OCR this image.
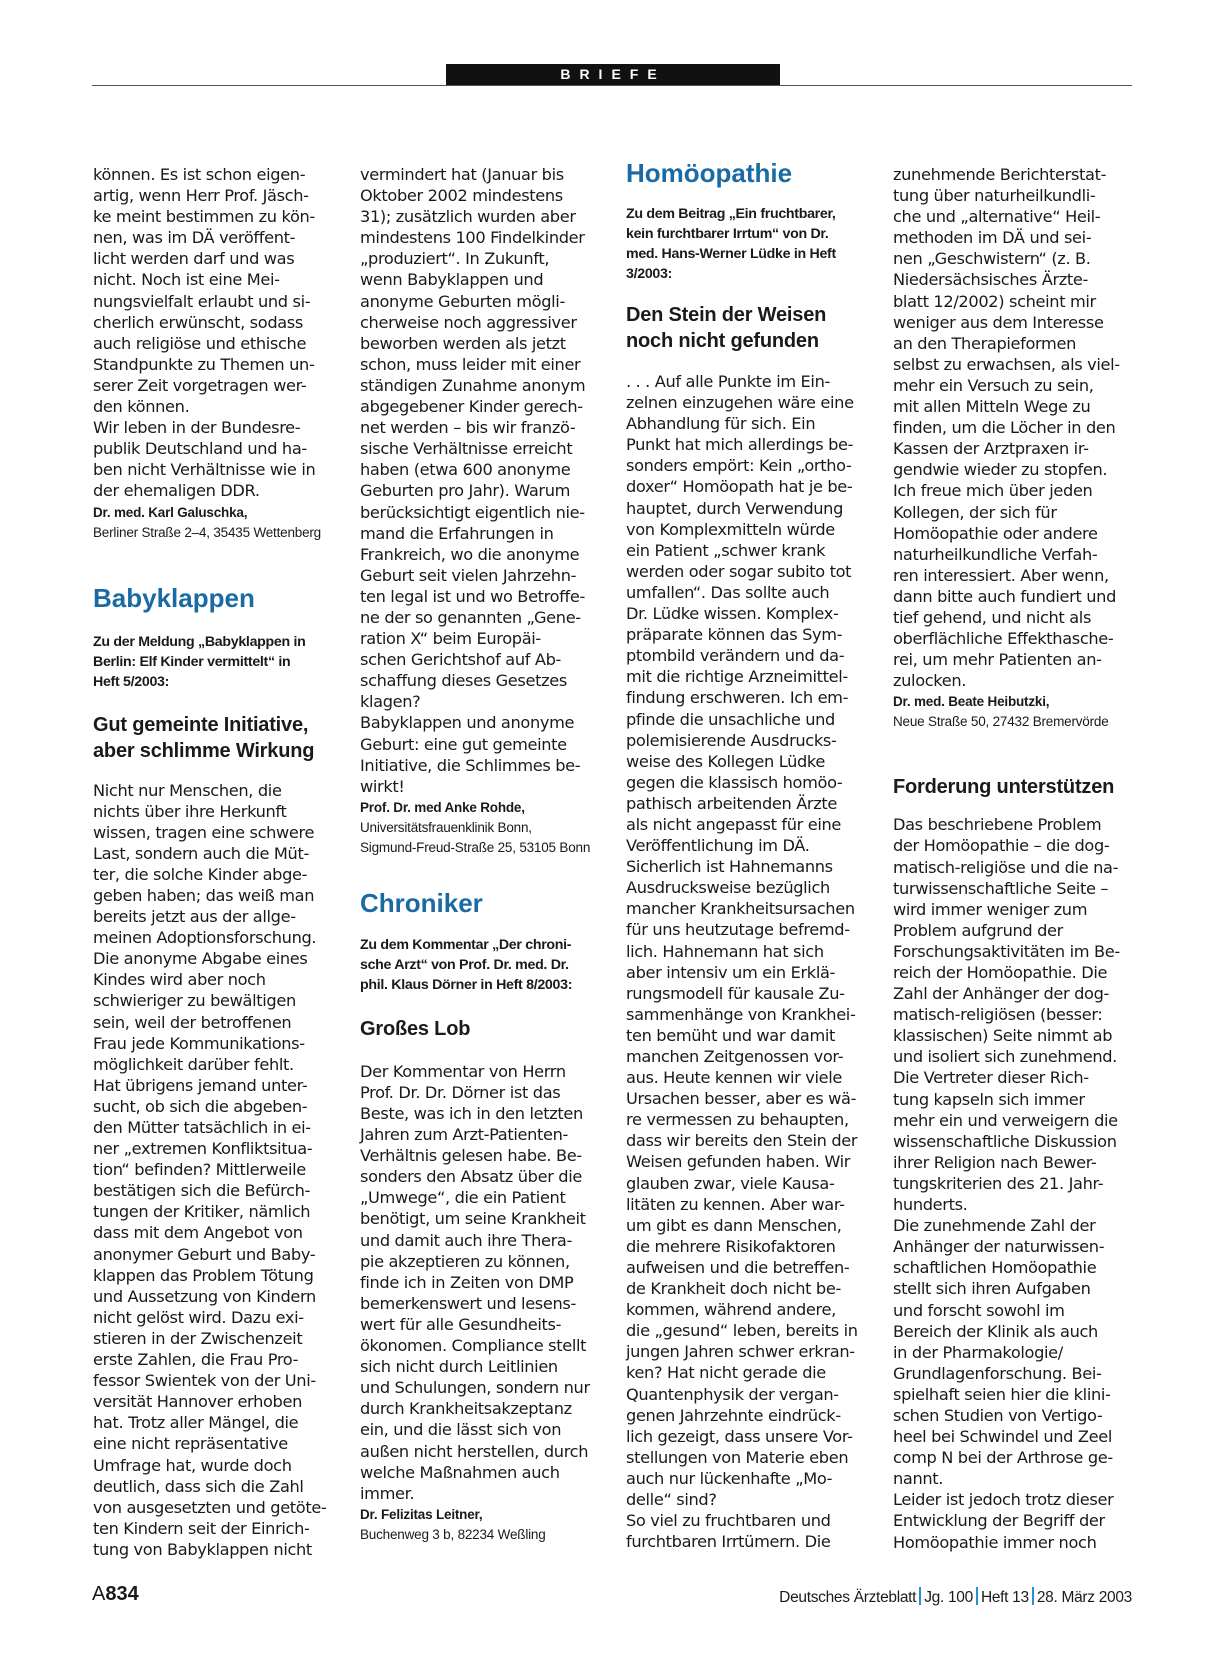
BRIEFE

können. Es ist schon eigen-
artig, wenn Herr Prof. Jäsch-
ke meint bestimmen zu kön-
nen, was im DÄ veröffent-
licht werden darf und was
nicht. Noch ist eine Mei-
nungsvielfalt erlaubt und si-
cherlich erwünscht, sodass
auch religiöse und ethische
Standpunkte zu Themen un-
serer Zeit vorgetragen wer-
den können.
Wir leben in der Bundesre-
publik Deutschland und ha-
ben nicht Verhältnisse wie in
der ehemaligen DDR.

Dr. med. Karl Galuschka,

Berliner Straße 2–4, 35435 Wettenberg

Babyklappen

Zu der Meldung „Babyklappen in
Berlin: Elf Kinder vermittelt“ in
Heft 5/2003:

Gut gemeinte Initiative,
aber schlimme Wirkung

Nicht nur Menschen, die
nichts über ihre Herkunft
wissen, tragen eine schwere
Last, sondern auch die Müt-
ter, die solche Kinder abge-
geben haben; das weiß man
bereits jetzt aus der allge-
meinen Adoptionsforschung.
Die anonyme Abgabe eines
Kindes wird aber noch
schwieriger zu bewältigen
sein, weil der betroffenen
Frau jede Kommunikations-
möglichkeit darüber fehlt.
Hat übrigens jemand unter-
sucht, ob sich die abgeben-
den Mütter tatsächlich in ei-
ner „extremen Konfliktsitua-
tion“ befinden? Mittlerweile
bestätigen sich die Befürch-
tungen der Kritiker, nämlich
dass mit dem Angebot von
anonymer Geburt und Baby-
klappen das Problem Tötung
und Aussetzung von Kindern
nicht gelöst wird. Dazu exi-
stieren in der Zwischenzeit
erste Zahlen, die Frau Pro-
fessor Swientek von der Uni-
versität Hannover erhoben
hat. Trotz aller Mängel, die
eine nicht repräsentative
Umfrage hat, wurde doch
deutlich, dass sich die Zahl
von ausgesetzten und getöte-
ten Kindern seit der Einrich-
tung von Babyklappen nicht

vermindert hat (Januar bis
Oktober 2002 mindestens
31); zusätzlich wurden aber
mindestens 100 Findelkinder
„produziert“. In Zukunft,
wenn Babyklappen und
anonyme Geburten mögli-
cherweise noch aggressiver
beworben werden als jetzt
schon, muss leider mit einer
ständigen Zunahme anonym
abgegebener Kinder gerech-
net werden – bis wir franzö-
sische Verhältnisse erreicht
haben (etwa 600 anonyme
Geburten pro Jahr). Warum
berücksichtigt eigentlich nie-
mand die Erfahrungen in
Frankreich, wo die anonyme
Geburt seit vielen Jahrzehn-
ten legal ist und wo Betroffe-
ne der so genannten „Gene-
ration X“ beim Europäi-
schen Gerichtshof auf Ab-
schaffung dieses Gesetzes
klagen?
Babyklappen und anonyme
Geburt: eine gut gemeinte
Initiative, die Schlimmes be-
wirkt!

Prof. Dr. med Anke Rohde,

Universitätsfrauenklinik Bonn,
Sigmund-Freud-Straße 25, 53105 Bonn

Chroniker

Zu dem Kommentar „Der chroni-
sche Arzt“ von Prof. Dr. med. Dr.
phil. Klaus Dörner in Heft 8/2003:

Großes Lob

Der Kommentar von Herrn
Prof. Dr. Dr. Dörner ist das
Beste, was ich in den letzten
Jahren zum Arzt-Patienten-
Verhältnis gelesen habe. Be-
sonders den Absatz über die
„Umwege“, die ein Patient
benötigt, um seine Krankheit
und damit auch ihre Thera-
pie akzeptieren zu können,
finde ich in Zeiten von DMP
bemerkenswert und lesens-
wert für alle Gesundheits-
ökonomen. Compliance stellt
sich nicht durch Leitlinien
und Schulungen, sondern nur
durch Krankheitsakzeptanz
ein, und die lässt sich von
außen nicht herstellen, durch
welche Maßnahmen auch
immer.

Dr. Felizitas Leitner,

Buchenweg 3 b, 82234 Weßling

Homöopathie

Zu dem Beitrag „Ein fruchtbarer,
kein furchtbarer Irrtum“ von Dr.
med. Hans-Werner Lüdke in Heft
3/2003:

Den Stein der Weisen
noch nicht gefunden

. . . Auf alle Punkte im Ein-
zelnen einzugehen wäre eine
Abhandlung für sich. Ein
Punkt hat mich allerdings be-
sonders empört: Kein „ortho-
doxer“ Homöopath hat je be-
hauptet, durch Verwendung
von Komplexmitteln würde
ein Patient „schwer krank
werden oder sogar subito tot
umfallen“. Das sollte auch
Dr. Lüdke wissen. Komplex-
präparate können das Sym-
ptombild verändern und da-
mit die richtige Arzneimittel-
findung erschweren. Ich em-
pfinde die unsachliche und
polemisierende Ausdrucks-
weise des Kollegen Lüdke
gegen die klassisch homöo-
pathisch arbeitenden Ärzte
als nicht angepasst für eine
Veröffentlichung im DÄ.
Sicherlich ist Hahnemanns
Ausdrucksweise bezüglich
mancher Krankheitsursachen
für uns heutzutage befremd-
lich. Hahnemann hat sich
aber intensiv um ein Erklä-
rungsmodell für kausale Zu-
sammenhänge von Krankhei-
ten bemüht und war damit
manchen Zeitgenossen vor-
aus. Heute kennen wir viele
Ursachen besser, aber es wä-
re vermessen zu behaupten,
dass wir bereits den Stein der
Weisen gefunden haben. Wir
glauben zwar, viele Kausa-
litäten zu kennen. Aber war-
um gibt es dann Menschen,
die mehrere Risikofaktoren
aufweisen und die betreffen-
de Krankheit doch nicht be-
kommen, während andere,
die „gesund“ leben, bereits in
jungen Jahren schwer erkran-
ken? Hat nicht gerade die
Quantenphysik der vergan-
genen Jahrzehnte eindrück-
lich gezeigt, dass unsere Vor-
stellungen von Materie eben
auch nur lückenhafte „Mo-
delle“ sind?
So viel zu fruchtbaren und
furchtbaren Irrtümern. Die

zunehmende Berichterstat-
tung über naturheilkundli-
che und „alternative“ Heil-
methoden im DÄ und sei-
nen „Geschwistern“ (z. B.
Niedersächsisches Ärzte-
blatt 12/2002) scheint mir
weniger aus dem Interesse
an den Therapieformen
selbst zu erwachsen, als viel-
mehr ein Versuch zu sein,
mit allen Mitteln Wege zu
finden, um die Löcher in den
Kassen der Arztpraxen ir-
gendwie wieder zu stopfen.
Ich freue mich über jeden
Kollegen, der sich für
Homöopathie oder andere
naturheilkundliche Verfah-
ren interessiert. Aber wenn,
dann bitte auch fundiert und
tief gehend, und nicht als
oberflächliche Effekthasche-
rei, um mehr Patienten an-
zulocken.

Dr. med. Beate Heibutzki,

Neue Straße 50, 27432 Bremervörde

Forderung unterstützen

Das beschriebene Problem
der Homöopathie – die dog-
matisch-religiöse und die na-
turwissenschaftliche Seite –
wird immer weniger zum
Problem aufgrund der
Forschungsaktivitäten im Be-
reich der Homöopathie. Die
Zahl der Anhänger der dog-
matisch-religiösen (besser:
klassischen) Seite nimmt ab
und isoliert sich zunehmend.
Die Vertreter dieser Rich-
tung kapseln sich immer
mehr ein und verweigern die
wissenschaftliche Diskussion
ihrer Religion nach Bewer-
tungskriterien des 21. Jahr-
hunderts.
Die zunehmende Zahl der
Anhänger der naturwissen-
schaftlichen Homöopathie
stellt sich ihren Aufgaben
und forscht sowohl im
Bereich der Klinik als auch
in der Pharmakologie/
Grundlagenforschung. Bei-
spielhaft seien hier die klini-
schen Studien von Vertigo-
heel bei Schwindel und Zeel
comp N bei der Arthrose ge-
nannt.
Leider ist jedoch trotz dieser
Entwicklung der Begriff der
Homöopathie immer noch

A834	Deutsches Ärzteblatt Jg. 100 Heft 13 28. März 2003
